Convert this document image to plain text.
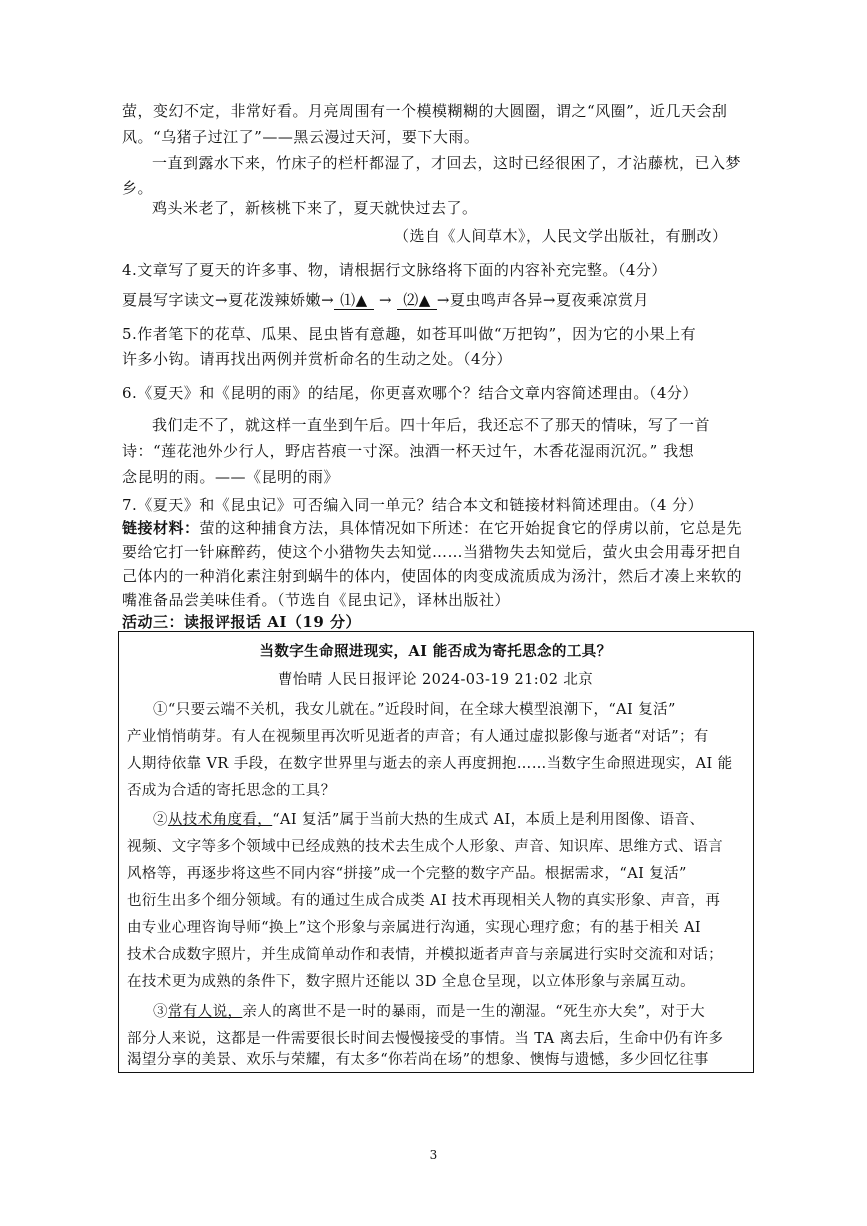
萤，变幻不定，非常好看。月亮周围有一个模模糊糊的大圆圈，谓之“风圈”，近几天会刮
风。“乌猪子过江了”——黑云漫过天河，要下大雨。
一直到露水下来，竹床子的栏杆都湿了，才回去，这时已经很困了，才沾藤枕，已入梦
乡。
鸡头米老了，新核桃下来了，夏天就快过去了。
（选自《人间草木》，人民文学出版社，有删改）
4.文章写了夏天的许多事、物，请根据行文脉络将下面的内容补充完整。（4分）
夏晨写字读文→夏花泼辣娇嫩→ ⑴▲ → ⑵▲ →夏虫鸣声各异→夏夜乘凉赏月
5.作者笔下的花草、瓜果、昆虫皆有意趣，如苍耳叫做“万把钩”，因为它的小果上有
许多小钩。请再找出两例并赏析命名的生动之处。（4分）
6.《夏天》和《昆明的雨》的结尾，你更喜欢哪个？结合文章内容简述理由。（4分）
我们走不了，就这样一直坐到午后。四十年后，我还忘不了那天的情味，写了一首
诗：“莲花池外少行人，野店苔痕一寸深。浊酒一杯天过午，木香花湿雨沉沉。” 我想
念昆明的雨。——《昆明的雨》
7.《夏天》和《昆虫记》可否编入同一单元？结合本文和链接材料简述理由。（4 分）
链接材料：萤的这种捕食方法，具体情况如下所述：在它开始捉食它的俘虏以前，它总是先
要给它打一针麻醉药，使这个小猎物失去知觉……当猎物失去知觉后，萤火虫会用毒牙把自
己体内的一种消化素注射到蜗牛的体内，使固体的肉变成流质成为汤汁，然后才凑上来软的
嘴准备品尝美味佳肴。（节选自《昆虫记》，译林出版社）
活动三：读报评报话 AI（19 分）
当数字生命照进现实，AI 能否成为寄托思念的工具？
曹怡晴 人民日报评论 2024-03-19 21:02 北京
①“只要云端不关机，我女儿就在。”近段时间，在全球大模型浪潮下，“AI 复活”
产业悄悄萌芽。有人在视频里再次听见逝者的声音；有人通过虚拟影像与逝者“对话”；有
人期待依靠 VR 手段，在数字世界里与逝去的亲人再度拥抱……当数字生命照进现实，AI 能
否成为合适的寄托思念的工具？
②从技术角度看，“AI 复活”属于当前大热的生成式 AI，本质上是利用图像、语音、
视频、文字等多个领域中已经成熟的技术去生成个人形象、声音、知识库、思维方式、语言
风格等，再逐步将这些不同内容“拼接”成一个完整的数字产品。根据需求，“AI 复活”
也衍生出多个细分领域。有的通过生成合成类 AI 技术再现相关人物的真实形象、声音，再
由专业心理咨询导师“换上”这个形象与亲属进行沟通，实现心理疗愈；有的基于相关 AI
技术合成数字照片，并生成简单动作和表情，并模拟逝者声音与亲属进行实时交流和对话；
在技术更为成熟的条件下，数字照片还能以 3D 全息仓呈现，以立体形象与亲属互动。
③常有人说，亲人的离世不是一时的暴雨，而是一生的潮湿。“死生亦大矣”，对于大
部分人来说，这都是一件需要很长时间去慢慢接受的事情。当 TA 离去后，生命中仍有许多
渴望分享的美景、欢乐与荣耀，有太多“你若尚在场”的想象、懊悔与遗憾，多少回忆往事
3
